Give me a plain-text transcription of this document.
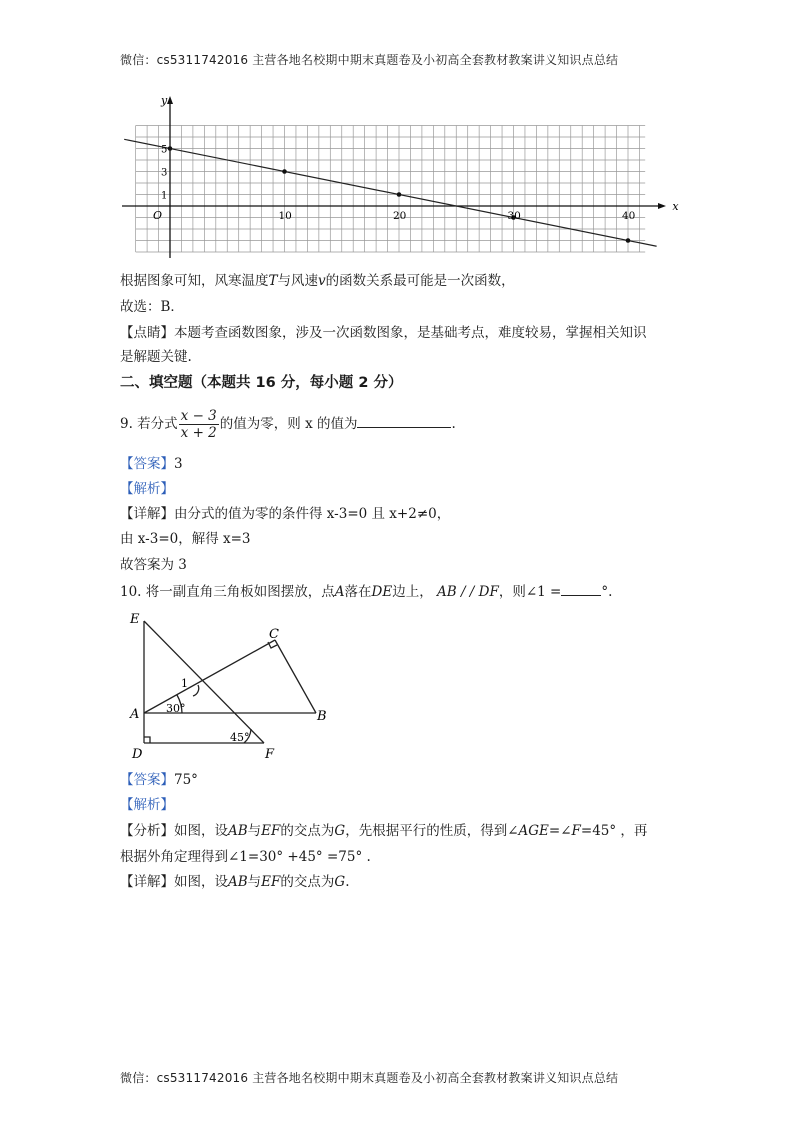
微信：cs5311742016 主营各地名校期中期末真题卷及小初高全套教材教案讲义知识点总结
x
y
O	10	20	30	40
5
3
1
根据图象可知，风寒温度T与风速v的函数关系最可能是一次函数，
故选：B．
【点睛】本题考查函数图象，涉及一次函数图象，是基础考点，难度较易，掌握相关知识
是解题关键.
二、填空题（本题共 16 分，每小题 2 分）
9. 若分式 $\frac{x - 3}{x + 2}$ 的值为零，则 x 的值为	.
【答案】3
【解析】
【详解】由分式的值为零的条件得 x-3=0 且 x+2≠0，
由 x-3=0，解得 x=3
故答案为 3
10. 将一副直角三角板如图摆放，点A落在DE边上， AB / / DF，则∠1 =	°.
E
C
1
A 30°
B
D
45°
F
【答案】75°
【解析】
【分析】如图，设AB与EF的交点为G，先根据平行的性质，得到∠AGE=∠F=45° ，再
根据外角定理得到∠1=30° +45° =75° .
【详解】如图，设AB与EF的交点为G.
微信：cs5311742016 主营各地名校期中期末真题卷及小初高全套教材教案讲义知识点总结
